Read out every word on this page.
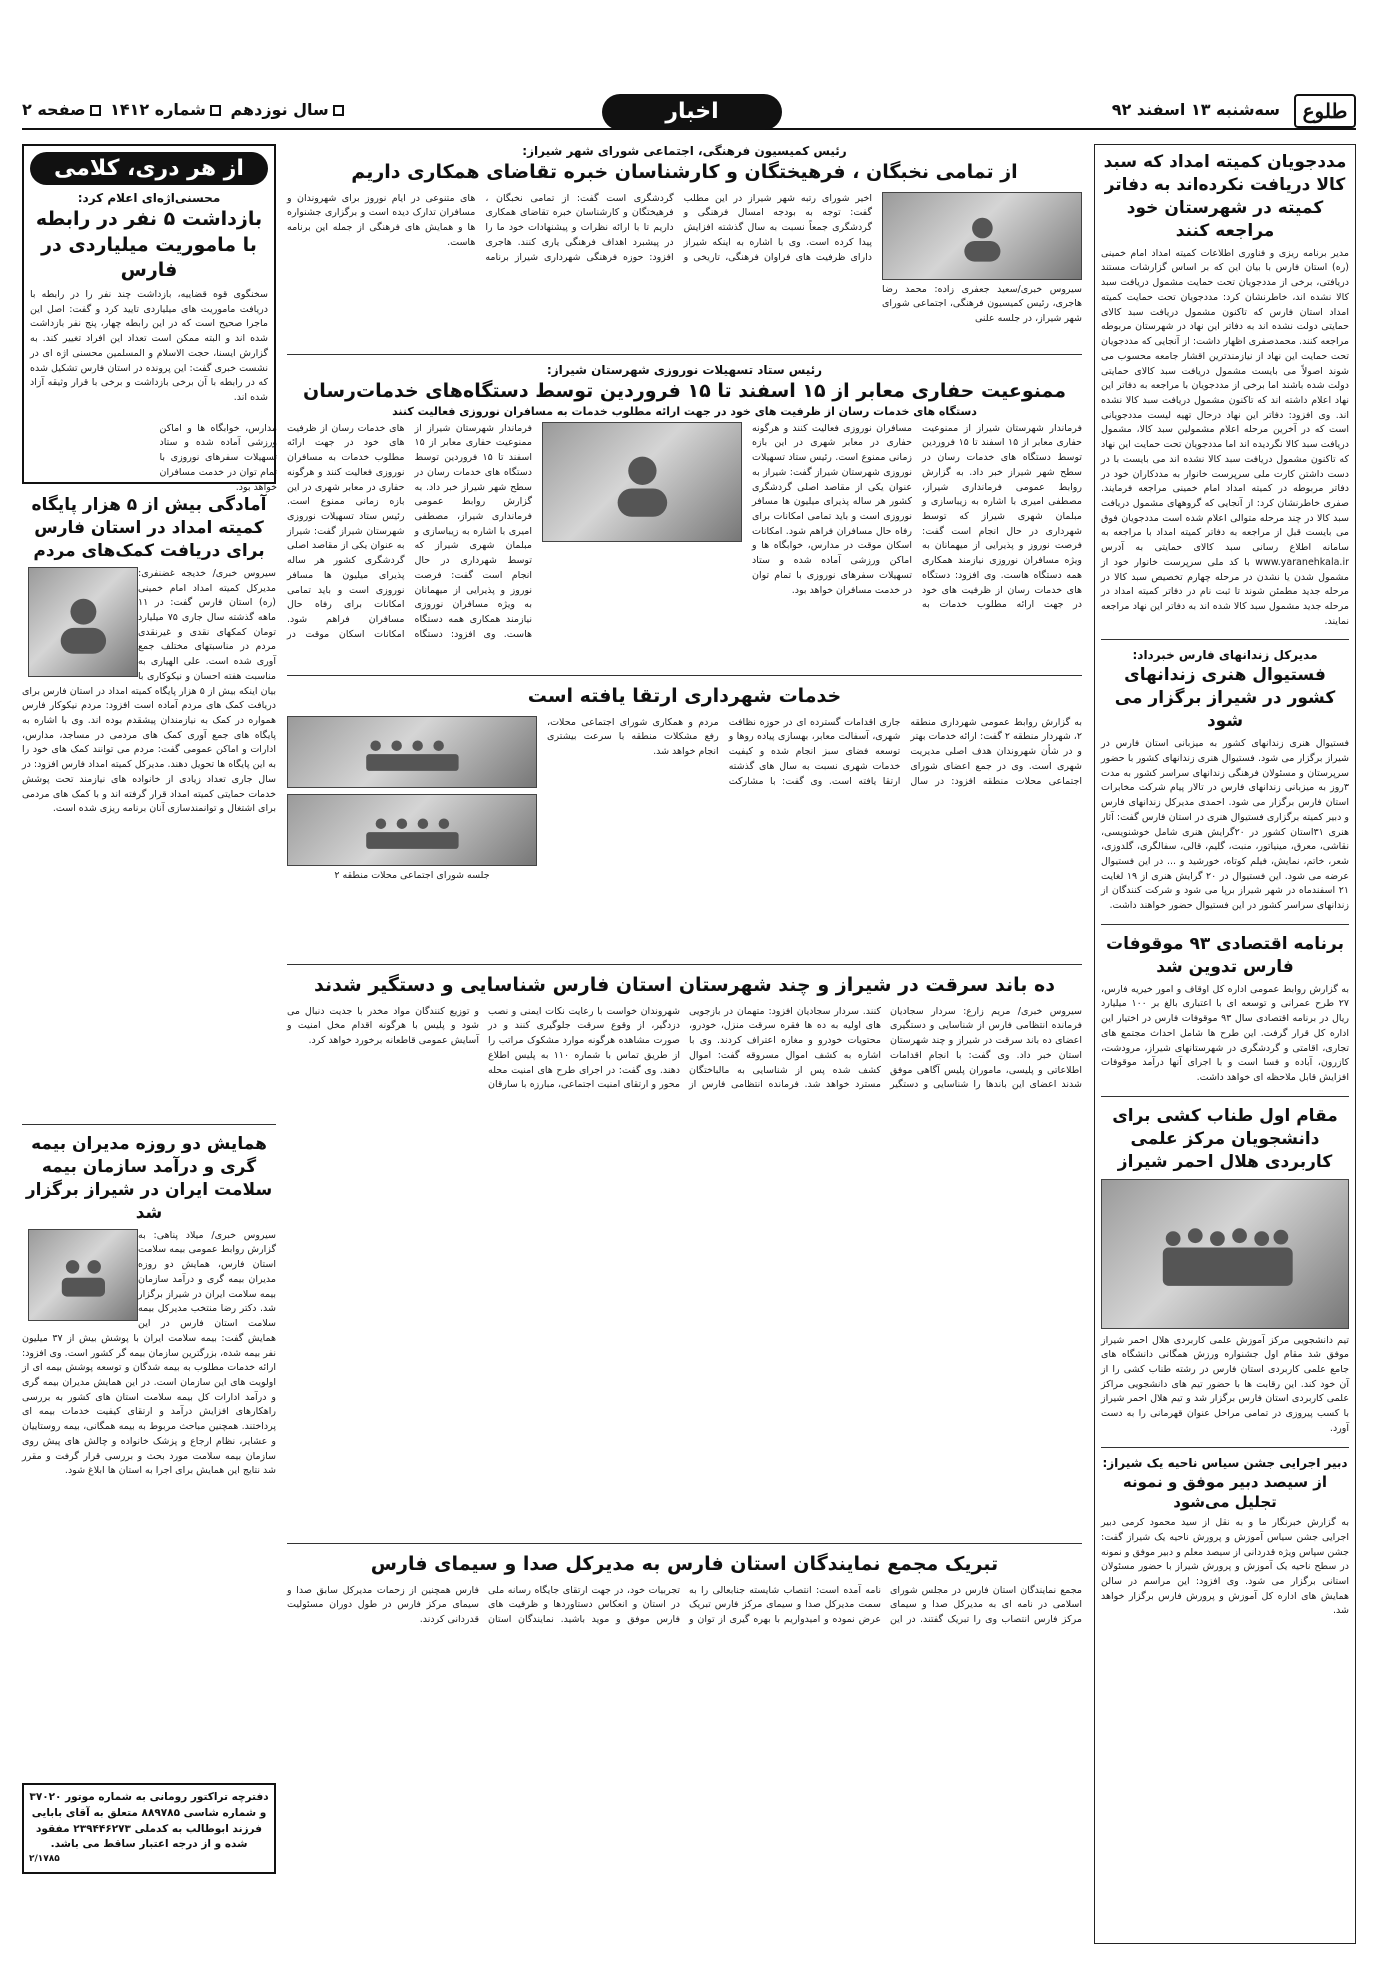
طلوع
سه‌شنبه ۱۳ اسفند ۹۲
اخبار
سال نوزدهم شماره ۱۴۱۲ صفحه ۲
مددجویان کمیته امداد که سبد کالا دریافت نکرده‌اند به دفاتر کمیته در شهرستان خود مراجعه کنند

مدیر برنامه ریزی و فناوری اطلاعات کمیته امداد امام خمینی (ره) استان فارس با بیان این که بر اساس گزارشات مستند دریافتی، برخی از مددجویان تحت حمایت مشمول دریافت سبد کالا نشده اند، خاطرنشان کرد: مددجویان تحت حمایت کمیته امداد استان فارس که تاکنون مشمول دریافت سبد کالای حمایتی دولت نشده اند به دفاتر این نهاد در شهرستان مربوطه مراجعه کنند. محمدصفری اظهار داشت: از آنجایی که مددجویان تحت حمایت این نهاد از نیازمندترین اقشار جامعه محسوب می شوند اصولاً می بایست مشمول دریافت سبد کالای حمایتی دولت شده باشند اما برخی از مددجویان با مراجعه به دفاتر این نهاد اعلام داشته اند که تاکنون مشمول دریافت سبد کالا نشده اند. وی افزود: دفاتر این نهاد درحال تهیه لیست مددجویانی است که در آخرین مرحله اعلام مشمولین سبد کالا، مشمول دریافت سبد کالا نگردیده اند اما مددجویان تحت حمایت این نهاد که تاکنون مشمول دریافت سبد کالا نشده اند می بایست با در دست داشتن کارت ملی سرپرست خانوار به مددکاران خود در دفاتر مربوطه در کمیته امداد امام خمینی مراجعه فرمایند. صفری خاطرنشان کرد: از آنجایی که گروههای مشمول دریافت سبد کالا در چند مرحله متوالی اعلام شده است مددجویان فوق می بایست قبل از مراجعه به دفاتر کمیته امداد با مراجعه به سامانه اطلاع رسانی سبد کالای حمایتی به آدرس www.yaranehkala.ir با کد ملی سرپرست خانوار خود از مشمول شدن یا نشدن در مرحله چهارم تخصیص سبد کالا در مرحله جدید مطمئن شوند تا ثبت نام در دفاتر کمیته امداد در مرحله جدید مشمول سبد کالا شده اند به دفاتر این نهاد مراجعه نمایند.

مدیرکل زندانهای فارس خبرداد:
فستیوال هنری زندانهای کشور در شیراز برگزار می شود

فستیوال هنری زندانهای کشور به میزبانی استان فارس در شیراز برگزار می شود. فستیوال هنری زندانهای کشور با حضور سرپرستان و مسئولان فرهنگی زندانهای سراسر کشور به مدت ۳روز به میزبانی زندانهای فارس در تالار پیام شرکت مخابرات استان فارس برگزار می شود. احمدی مدیرکل زندانهای فارس و دبیر کمیته برگزاری فستیوال هنری در استان فارس گفت: آثار هنری ۳۱استان کشور در ۲۰گرایش هنری شامل خوشنویسی، نقاشی، معرق، مینیاتور، منبت، گلیم، قالی، سفالگری، گلدوزی، شعر، خاتم، نمایش، فیلم کوتاه، خورشید و ... در این فستیوال عرضه می شود. این فستیوال در ۲۰ گرایش هنری از ۱۹ لغایت ۲۱ اسفندماه در شهر شیراز برپا می شود و شرکت کنندگان از زندانهای سراسر کشور در این فستیوال حضور خواهند داشت.

برنامه اقتصادی ۹۳ موقوفات فارس تدوین شد

به گزارش روابط عمومی اداره کل اوقاف و امور خیریه فارس، ۲۷ طرح عمرانی و توسعه ای با اعتباری بالغ بر ۱۰۰ میلیارد ریال در برنامه اقتصادی سال ۹۳ موقوفات فارس در اختیار این اداره کل قرار گرفت. این طرح ها شامل احداث مجتمع های تجاری، اقامتی و گردشگری در شهرستانهای شیراز، مرودشت، کازرون، آباده و فسا است و با اجرای آنها درآمد موقوفات افزایش قابل ملاحظه ای خواهد داشت.

مقام اول طناب کشی برای دانشجویان مرکز علمی کاربردی هلال احمر شیراز

تیم دانشجویی مرکز آموزش علمی کاربردی هلال احمر شیراز موفق شد مقام اول جشنواره ورزش همگانی دانشگاه های جامع علمی کاربردی استان فارس در رشته طناب کشی را از آن خود کند. این رقابت ها با حضور تیم های دانشجویی مراکز علمی کاربردی استان فارس برگزار شد و تیم هلال احمر شیراز با کسب پیروزی در تمامی مراحل عنوان قهرمانی را به دست آورد.

دبیر اجرایی جشن سیاس ناحیه یک شیراز:
از سیصد دبیر موفق و نمونه تجلیل می‌شود

به گزارش خبرنگار ما و به نقل از سید محمود کرمی دبیر اجرایی جشن سیاس آموزش و پرورش ناحیه یک شیراز گفت: جشن سپاس ویژه قدردانی از سیصد معلم و دبیر موفق و نمونه در سطح ناحیه یک آموزش و پرورش شیراز با حضور مسئولان استانی برگزار می شود. وی افزود: این مراسم در سالن همایش های اداره کل آموزش و پرورش فارس برگزار خواهد شد.

رئیس کمیسیون فرهنگی، اجتماعی شورای شهر شیراز:
از تمامی نخبگان ، فرهیختگان و کارشناسان خبره تقاضای همکاری داریم

سیروس خبری/سعید جعفری زاده: محمد رضا هاجری، رئیس کمیسیون فرهنگی، اجتماعی شورای شهر شیراز، در جلسه علنی

اخیر شورای رتبه شهر شیراز در این مطلب گفت: توجه به بودجه امسال فرهنگی و گردشگری جمعاً نسبت به سال گذشته افزایش پیدا کرده است. وی با اشاره به اینکه شیراز دارای ظرفیت های فراوان فرهنگی، تاریخی و گردشگری است گفت: از تمامی نخبگان ، فرهیختگان و کارشناسان خبره تقاضای همکاری داریم تا با ارائه نظرات و پیشنهادات خود ما را در پیشبرد اهداف فرهنگی یاری کنند. هاجری افزود: حوزه فرهنگی شهرداری شیراز برنامه های متنوعی در ایام نوروز برای شهروندان و مسافران تدارک دیده است و برگزاری جشنواره ها و همایش های فرهنگی از جمله این برنامه هاست.

رئیس ستاد تسهیلات نوروزی شهرستان شیراز:
ممنوعیت حفاری معابر از ۱۵ اسفند تا ۱۵ فروردین توسط دستگاه‌های خدمات‌رسان
دستگاه های خدمات رسان از ظرفیت های خود در جهت ارائه مطلوب خدمات به مسافران نوروزی فعالیت کنند

فرماندار شهرستان شیراز از ممنوعیت حفاری معابر از ۱۵ اسفند تا ۱۵ فروردین توسط دستگاه های خدمات رسان در سطح شهر شیراز خبر داد. به گزارش روابط عمومی فرمانداری شیراز، مصطفی امیری با اشاره به زیباسازی و مبلمان شهری شیراز که توسط شهرداری در حال انجام است گفت: فرصت نوروز و پذیرایی از میهمانان به ویژه مسافران نوروزی نیازمند همکاری همه دستگاه هاست. وی افزود: دستگاه های خدمات رسان از ظرفیت های خود در جهت ارائه مطلوب خدمات به مسافران نوروزی فعالیت کنند و هرگونه حفاری در معابر شهری در این بازه زمانی ممنوع است. رئیس ستاد تسهیلات نوروزی شهرستان شیراز گفت: شیراز به عنوان یکی از مقاصد اصلی گردشگری کشور هر ساله پذیرای میلیون ها مسافر نوروزی است و باید تمامی امکانات برای رفاه حال مسافران فراهم شود. امکانات اسکان موقت در مدارس، خوابگاه ها و اماکن ورزشی آماده شده و ستاد تسهیلات سفرهای نوروزی با تمام توان در خدمت مسافران خواهد بود.

فرماندار شهرستان شیراز از ممنوعیت حفاری معابر از ۱۵ اسفند تا ۱۵ فروردین توسط دستگاه های خدمات رسان در سطح شهر شیراز خبر داد. به گزارش روابط عمومی فرمانداری شیراز، مصطفی امیری با اشاره به زیباسازی و مبلمان شهری شیراز که توسط شهرداری در حال انجام است گفت: فرصت نوروز و پذیرایی از میهمانان به ویژه مسافران نوروزی نیازمند همکاری همه دستگاه هاست. وی افزود: دستگاه های خدمات رسان از ظرفیت های خود در جهت ارائه مطلوب خدمات به مسافران نوروزی فعالیت کنند و هرگونه حفاری در معابر شهری در این بازه زمانی ممنوع است. رئیس ستاد تسهیلات نوروزی شهرستان شیراز گفت: شیراز به عنوان یکی از مقاصد اصلی گردشگری کشور هر ساله پذیرای میلیون ها مسافر نوروزی است و باید تمامی امکانات برای رفاه حال مسافران فراهم شود. امکانات اسکان موقت در مدارس، خوابگاه ها و اماکن ورزشی آماده شده و ستاد تسهیلات سفرهای نوروزی با تمام توان در خدمت مسافران خواهد بود.

خدمات شهرداری ارتقا یافته است

به گزارش روابط عمومی شهرداری منطقه ۲، شهردار منطقه ۲ گفت: ارائه خدمات بهتر و در شأن شهروندان هدف اصلی مدیریت شهری است. وی در جمع اعضای شورای اجتماعی محلات منطقه افزود: در سال جاری اقدامات گسترده ای در حوزه نظافت شهری، آسفالت معابر، بهسازی پیاده روها و توسعه فضای سبز انجام شده و کیفیت خدمات شهری نسبت به سال های گذشته ارتقا یافته است. وی گفت: با مشارکت مردم و همکاری شورای اجتماعی محلات، رفع مشکلات منطقه با سرعت بیشتری انجام خواهد شد.

جلسه شورای اجتماعی محلات منطقه ۲

ده باند سرقت در شیراز و چند شهرستان استان فارس شناسایی و دستگیر شدند

سیروس خبری/ مریم زارع: سردار سجادیان فرمانده انتظامی فارس از شناسایی و دستگیری اعضای ده باند سرقت در شیراز و چند شهرستان استان خبر داد. وی گفت: با انجام اقدامات اطلاعاتی و پلیسی، ماموران پلیس آگاهی موفق شدند اعضای این باندها را شناسایی و دستگیر کنند. سردار سجادیان افزود: متهمان در بازجویی های اولیه به ده ها فقره سرقت منزل، خودرو، محتویات خودرو و مغازه اعتراف کردند. وی با اشاره به کشف اموال مسروقه گفت: اموال کشف شده پس از شناسایی به مالباختگان مسترد خواهد شد. فرمانده انتظامی فارس از شهروندان خواست با رعایت نکات ایمنی و نصب دزدگیر، از وقوع سرقت جلوگیری کنند و در صورت مشاهده هرگونه موارد مشکوک مراتب را از طریق تماس با شماره ۱۱۰ به پلیس اطلاع دهند. وی گفت: در اجرای طرح های امنیت محله محور و ارتقای امنیت اجتماعی، مبارزه با سارقان و توزیع کنندگان مواد مخدر با جدیت دنبال می شود و پلیس با هرگونه اقدام مخل امنیت و آسایش عمومی قاطعانه برخورد خواهد کرد.

تبریک مجمع نمایندگان استان فارس به مدیرکل صدا و سیمای فارس

مجمع نمایندگان استان فارس در مجلس شورای اسلامی در نامه ای به مدیرکل صدا و سیمای مرکز فارس انتصاب وی را تبریک گفتند. در این نامه آمده است: انتصاب شایسته جنابعالی را به سمت مدیرکل صدا و سیمای مرکز فارس تبریک عرض نموده و امیدواریم با بهره گیری از توان و تجربیات خود، در جهت ارتقای جایگاه رسانه ملی در استان و انعکاس دستاوردها و ظرفیت های فارس موفق و موید باشید. نمایندگان استان فارس همچنین از زحمات مدیرکل سابق صدا و سیمای مرکز فارس در طول دوران مسئولیت قدردانی کردند.

از هر دری، کلامی
محسنی‌اژه‌ای اعلام کرد:
بازداشت ۵ نفر در رابطه با ماموریت میلیاردی در فارس

سخنگوی قوه قضاییه، بازداشت چند نفر را در رابطه با دریافت ماموریت های میلیاردی تایید کرد و گفت: اصل این ماجرا صحیح است که در این رابطه چهار، پنج نفر بازداشت شده اند و البته ممکن است تعداد این افراد تغییر کند. به گزارش ایسنا، حجت الاسلام و المسلمین محسنی اژه ای در نشست خبری گفت: این پرونده در استان فارس تشکیل شده که در رابطه با آن برخی بازداشت و برخی با قرار وثیقه آزاد شده اند.

آمادگی بیش از ۵ هزار پایگاه کمیته امداد در استان فارس برای دریافت کمک‌های مردم

سیروس خبری/ خدیجه غضنفری: مدیرکل کمیته امداد امام خمینی (ره) استان فارس گفت: در ۱۱ ماهه گذشته سال جاری ۷۵ میلیارد تومان کمکهای نقدی و غیرنقدی مردم در مناسبتهای مختلف جمع آوری شده است. علی الهیاری به مناسبت هفته احسان و نیکوکاری با بیان اینکه بیش از ۵ هزار پایگاه کمیته امداد در استان فارس برای دریافت کمک های مردم آماده است افزود: مردم نیکوکار فارس همواره در کمک به نیازمندان پیشقدم بوده اند. وی با اشاره به پایگاه های جمع آوری کمک های مردمی در مساجد، مدارس، ادارات و اماکن عمومی گفت: مردم می توانند کمک های خود را به این پایگاه ها تحویل دهند. مدیرکل کمیته امداد فارس افزود: در سال جاری تعداد زیادی از خانواده های نیازمند تحت پوشش خدمات حمایتی کمیته امداد قرار گرفته اند و با کمک های مردمی برای اشتغال و توانمندسازی آنان برنامه ریزی شده است.

همایش دو روزه مدیران بیمه گری و درآمد سازمان بیمه سلامت ایران در شیراز برگزار شد

سیروس خبری/ میلاد پناهی: به گزارش روابط عمومی بیمه سلامت استان فارس، همایش دو روزه مدیران بیمه گری و درآمد سازمان بیمه سلامت ایران در شیراز برگزار شد. دکتر رضا منتخب مدیرکل بیمه سلامت استان فارس در این همایش گفت: بیمه سلامت ایران با پوشش بیش از ۳۷ میلیون نفر بیمه شده، بزرگترین سازمان بیمه گر کشور است. وی افزود: ارائه خدمات مطلوب به بیمه شدگان و توسعه پوشش بیمه ای از اولویت های این سازمان است. در این همایش مدیران بیمه گری و درآمد ادارات کل بیمه سلامت استان های کشور به بررسی راهکارهای افزایش درآمد و ارتقای کیفیت خدمات بیمه ای پرداختند. همچنین مباحث مربوط به بیمه همگانی، بیمه روستاییان و عشایر، نظام ارجاع و پزشک خانواده و چالش های پیش روی سازمان بیمه سلامت مورد بحث و بررسی قرار گرفت و مقرر شد نتایج این همایش برای اجرا به استان ها ابلاغ شود.

دفترچه تراکتور رومانی به شماره موتور ۳۷۰۲۰ و شماره شاسی ۸۸۹۷۸۵ متعلق به آقای بابایی فرزند ابوطالب به کدملی ۲۳۹۴۴۶۲۷۳ مفقود شده و از درجه اعتبار ساقط می باشد.
۲/۱۷۸۵
